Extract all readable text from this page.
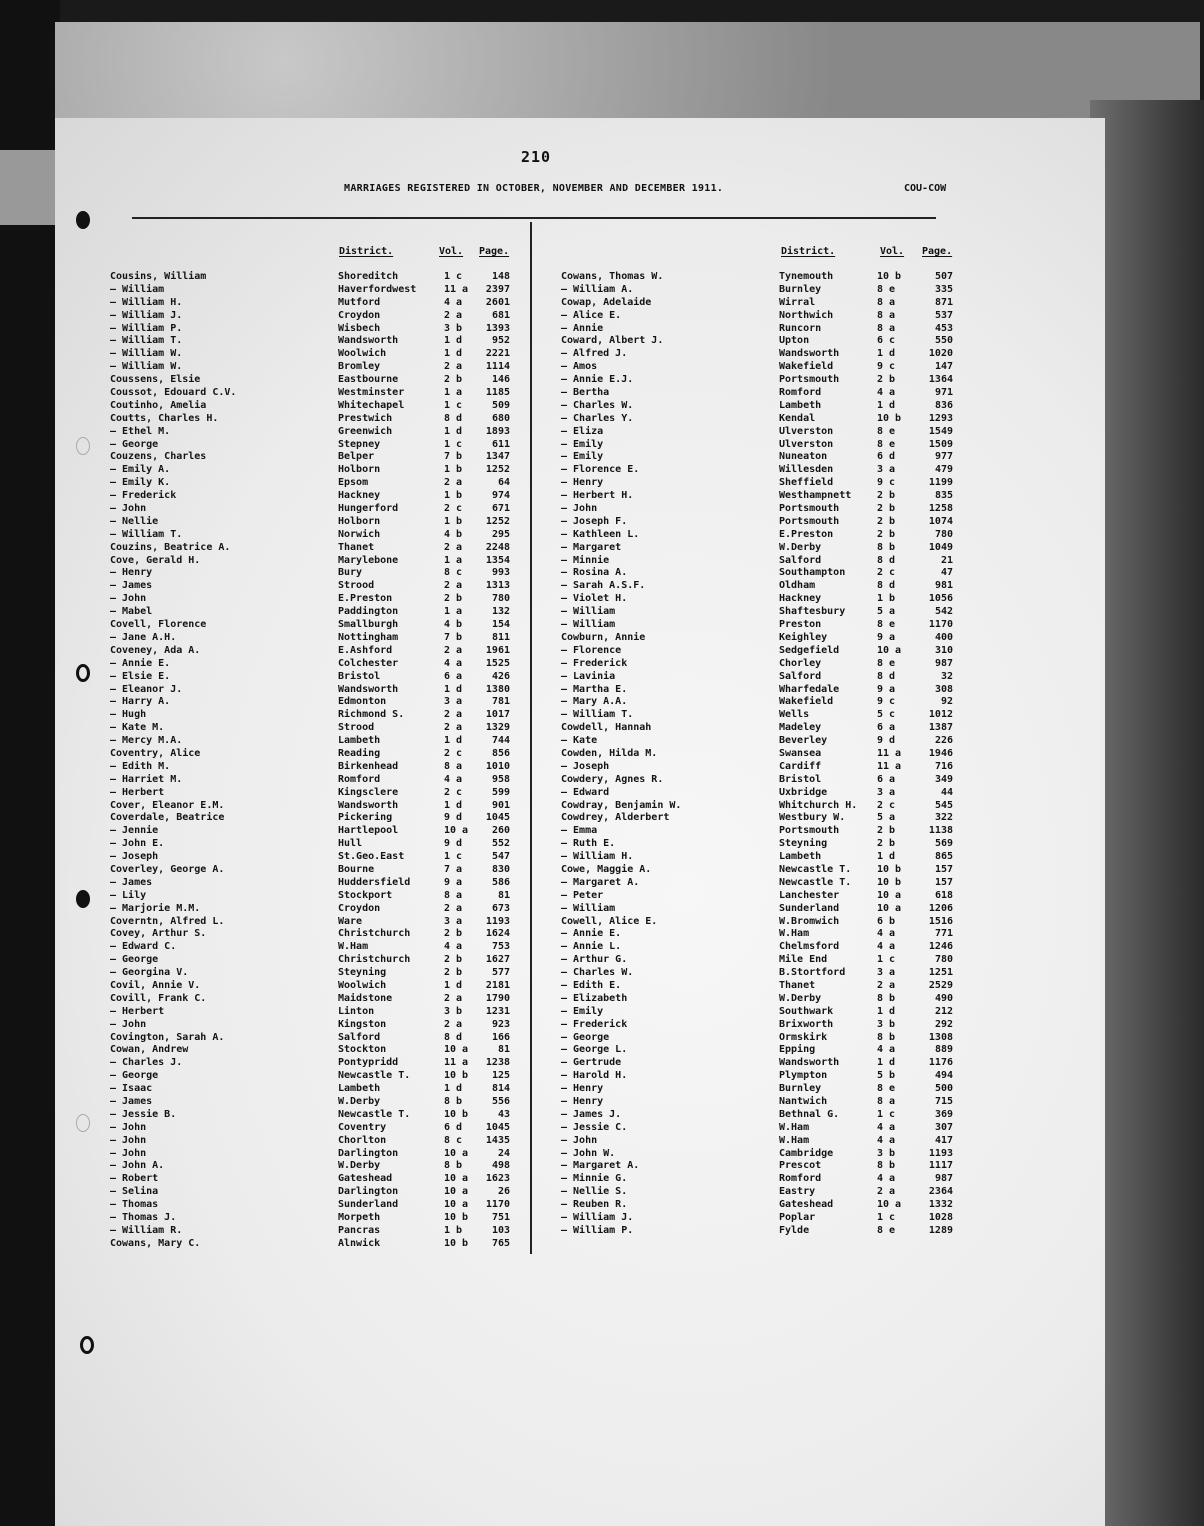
210
MARRIAGES REGISTERED IN OCTOBER, NOVEMBER AND DECEMBER 1911.	COU-COW
District.	Vol. Page.	District.	Vol. Page.
Cousins, William	Shoreditch	1 c	148
— William	Haverfordwest	11 a	2397
— William H.	Mutford	4 a	2601
— William J.	Croydon	2 a	681
— William P.	Wisbech	3 b	1393
— William T.	Wandsworth	1 d	952
— William W.	Woolwich	1 d	2221
— William W.	Bromley	2 a	1114
Coussens, Elsie	Eastbourne	2 b	146
Coussot, Edouard C.V.	Westminster	1 a	1185
Coutinho, Amelia	Whitechapel	1 c	509
Coutts, Charles H.	Prestwich	8 d	680
— Ethel M.	Greenwich	1 d	1893
— George	Stepney	1 c	611
Couzens, Charles	Belper	7 b	1347
— Emily A.	Holborn	1 b	1252
— Emily K.	Epsom	2 a	64
— Frederick	Hackney	1 b	974
— John	Hungerford	2 c	671
— Nellie	Holborn	1 b	1252
— William T.	Norwich	4 b	295
Couzins, Beatrice A.	Thanet	2 a	2248
Cove, Gerald H.	Marylebone	1 a	1354
— Henry	Bury	8 c	993
— James	Strood	2 a	1313
— John	E.Preston	2 b	780
— Mabel	Paddington	1 a	132
Covell, Florence	Smallburgh	4 b	154
— Jane A.H.	Nottingham	7 b	811
Coveney, Ada A.	E.Ashford	2 a	1961
— Annie E.	Colchester	4 a	1525
— Elsie E.	Bristol	6 a	426
— Eleanor J.	Wandsworth	1 d	1380
— Harry A.	Edmonton	3 a	781
— Hugh	Richmond S.	2 a	1017
— Kate M.	Strood	2 a	1329
— Mercy M.A.	Lambeth	1 d	744
Coventry, Alice	Reading	2 c	856
— Edith M.	Birkenhead	8 a	1010
— Harriet M.	Romford	4 a	958
— Herbert	Kingsclere	2 c	599
Cover, Eleanor E.M.	Wandsworth	1 d	901
Coverdale, Beatrice	Pickering	9 d	1045
— Jennie	Hartlepool	10 a	260
— John E.	Hull	9 d	552
— Joseph	St.Geo.East	1 c	547
Coverley, George A.	Bourne	7 a	830
— James	Huddersfield	9 a	586
— Lily	Stockport	8 a	81
— Marjorie M.M.	Croydon	2 a	673
Coverntn, Alfred L.	Ware	3 a	1193
Covey, Arthur S.	Christchurch	2 b	1624
— Edward C.	W.Ham	4 a	753
— George	Christchurch	2 b	1627
— Georgina V.	Steyning	2 b	577
Covil, Annie V.	Woolwich	1 d	2181
Covill, Frank C.	Maidstone	2 a	1790
— Herbert	Linton	3 b	1231
— John	Kingston	2 a	923
Covington, Sarah A.	Salford	8 d	166
Cowan, Andrew	Stockton	10 a	81
— Charles J.	Pontypridd	11 a	1238
— George	Newcastle T.	10 b	125
— Isaac	Lambeth	1 d	814
— James	W.Derby	8 b	556
— Jessie B.	Newcastle T.	10 b	43
— John	Coventry	6 d	1045
— John	Chorlton	8 c	1435
— John	Darlington	10 a	24
— John A.	W.Derby	8 b	498
— Robert	Gateshead	10 a	1623
— Selina	Darlington	10 a	26
— Thomas	Sunderland	10 a	1170
— Thomas J.	Morpeth	10 b	751
— William R.	Pancras	1 b	103
Cowans, Mary C.	Alnwick	10 b	765
Cowans, Thomas W.	Tynemouth	10 b	507
— William A.	Burnley	8 e	335
Cowap, Adelaide	Wirral	8 a	871
— Alice E.	Northwich	8 a	537
— Annie	Runcorn	8 a	453
Coward, Albert J.	Upton	6 c	550
— Alfred J.	Wandsworth	1 d	1020
— Amos	Wakefield	9 c	147
— Annie E.J.	Portsmouth	2 b	1364
— Bertha	Romford	4 a	971
— Charles W.	Lambeth	1 d	836
— Charles Y.	Kendal	10 b	1293
— Eliza	Ulverston	8 e	1549
— Emily	Ulverston	8 e	1509
— Emily	Nuneaton	6 d	977
— Florence E.	Willesden	3 a	479
— Henry	Sheffield	9 c	1199
— Herbert H.	Westhampnett	2 b	835
— John	Portsmouth	2 b	1258
— Joseph F.	Portsmouth	2 b	1074
— Kathleen L.	E.Preston	2 b	780
— Margaret	W.Derby	8 b	1049
— Minnie	Salford	8 d	21
— Rosina A.	Southampton	2 c	47
— Sarah A.S.F.	Oldham	8 d	981
— Violet H.	Hackney	1 b	1056
— William	Shaftesbury	5 a	542
— William	Preston	8 e	1170
Cowburn, Annie	Keighley	9 a	400
— Florence	Sedgefield	10 a	310
— Frederick	Chorley	8 e	987
— Lavinia	Salford	8 d	32
— Martha E.	Wharfedale	9 a	308
— Mary A.A.	Wakefield	9 c	92
— William T.	Wells	5 c	1012
Cowdell, Hannah	Madeley	6 a	1387
— Kate	Beverley	9 d	226
Cowden, Hilda M.	Swansea	11 a	1946
— Joseph	Cardiff	11 a	716
Cowdery, Agnes R.	Bristol	6 a	349
— Edward	Uxbridge	3 a	44
Cowdray, Benjamin W.	Whitchurch H.	2 c	545
Cowdrey, Alderbert	Westbury W.	5 a	322
— Emma	Portsmouth	2 b	1138
— Ruth E.	Steyning	2 b	569
— William H.	Lambeth	1 d	865
Cowe, Maggie A.	Newcastle T.	10 b	157
— Margaret A.	Newcastle T.	10 b	157
— Peter	Lanchester	10 a	618
— William	Sunderland	10 a	1206
Cowell, Alice E.	W.Bromwich	6 b	1516
— Annie E.	W.Ham	4 a	771
— Annie L.	Chelmsford	4 a	1246
— Arthur G.	Mile End	1 c	780
— Charles W.	B.Stortford	3 a	1251
— Edith E.	Thanet	2 a	2529
— Elizabeth	W.Derby	8 b	490
— Emily	Southwark	1 d	212
— Frederick	Brixworth	3 b	292
— George	Ormskirk	8 b	1308
— George L.	Epping	4 a	889
— Gertrude	Wandsworth	1 d	1176
— Harold H.	Plympton	5 b	494
— Henry	Burnley	8 e	500
— Henry	Nantwich	8 a	715
— James J.	Bethnal G.	1 c	369
— Jessie C.	W.Ham	4 a	307
— John	W.Ham	4 a	417
— John W.	Cambridge	3 b	1193
— Margaret A.	Prescot	8 b	1117
— Minnie G.	Romford	4 a	987
— Nellie S.	Eastry	2 a	2364
— Reuben R.	Gateshead	10 a	1332
— William J.	Poplar	1 c	1028
— William P.	Fylde	8 e	1289
